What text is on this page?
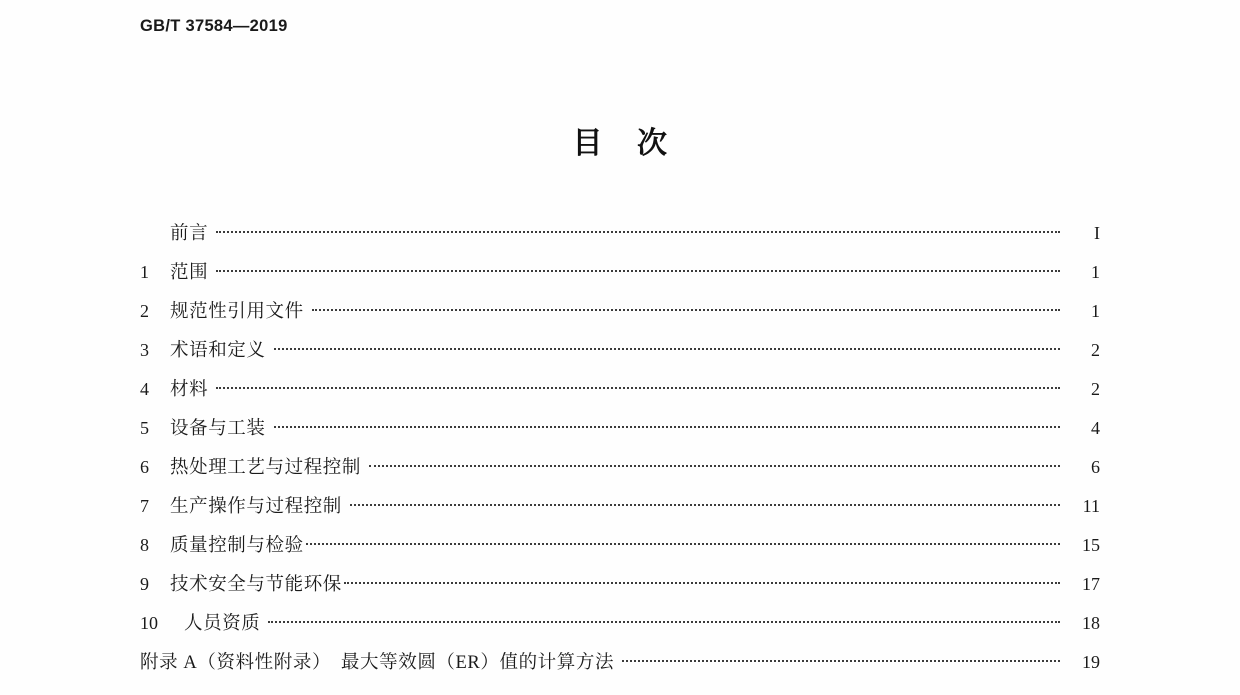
GB/T 37584—2019
目 次
前言	I
1	范围	1
2	规范性引用文件	1
3	术语和定义	2
4	材料	2
5	设备与工装	4
6	热处理工艺与过程控制	6
7	生产操作与过程控制	11
8	质量控制与检验	15
9	技术安全与节能环保	17
10	人员资质	18
附录 A（资料性附录）　最大等效圆（ER）值的计算方法	19
